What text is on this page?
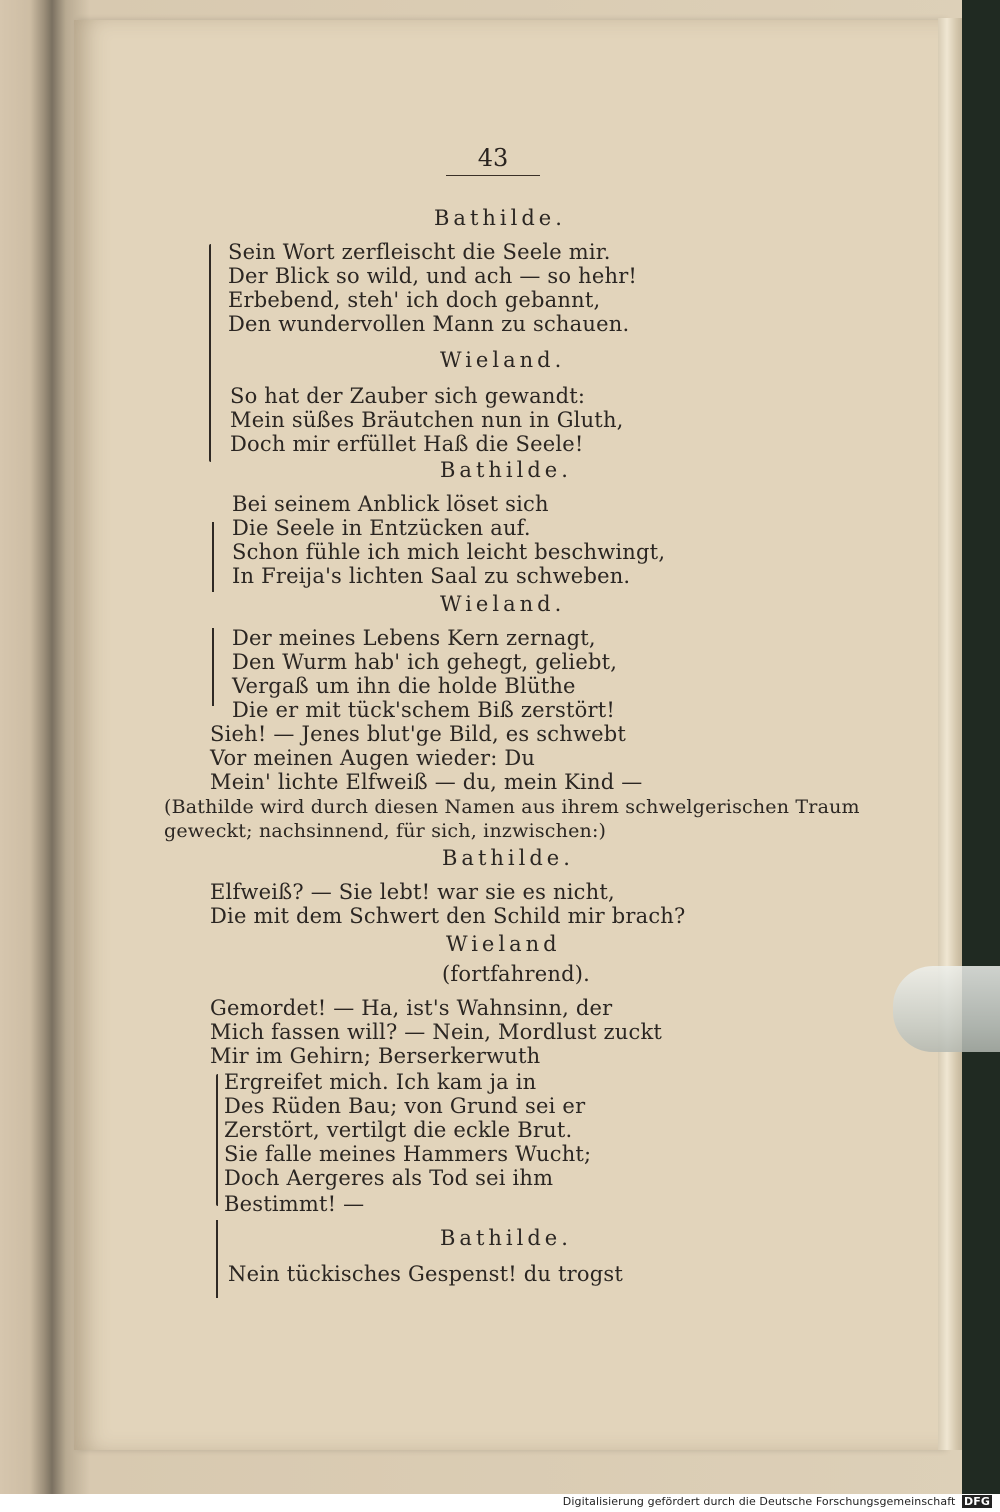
43
Bathilde.
Wieland.
Bathilde.
Wieland.
Bathilde.
Wieland
(fortfahrend).
Bathilde.
Sein Wort zerfleischt die Seele mir.
Der Blick so wild, und ach — so hehr!
Erbebend, steh' ich doch gebannt,
Den wundervollen Mann zu schauen.
So hat der Zauber sich gewandt:
Mein süßes Bräutchen nun in Gluth,
Doch mir erfüllet Haß die Seele!
Bei seinem Anblick löset sich
Die Seele in Entzücken auf.
Schon fühle ich mich leicht beschwingt,
In Freija's lichten Saal zu schweben.
Der meines Lebens Kern zernagt,
Den Wurm hab' ich gehegt, geliebt,
Vergaß um ihn die holde Blüthe
Die er mit tück'schem Biß zerstört!
Sieh! — Jenes blut'ge Bild, es schwebt
Vor meinen Augen wieder: Du
Mein' lichte Elfweiß — du, mein Kind —
(Bathilde wird durch diesen Namen aus ihrem schwelgerischen Traum
geweckt; nachsinnend, für sich, inzwischen:)
Elfweiß? — Sie lebt! war sie es nicht,
Die mit dem Schwert den Schild mir brach?
Gemordet! — Ha, ist's Wahnsinn, der
Mich fassen will? — Nein, Mordlust zuckt
Mir im Gehirn; Berserkerwuth
Ergreifet mich. Ich kam ja in
Des Rüden Bau; von Grund sei er
Zerstört, vertilgt die eckle Brut.
Sie falle meines Hammers Wucht;
Doch Aergeres als Tod sei ihm
Bestimmt! —
Nein tückisches Gespenst! du trogst
Digitalisierung gefördert durch die Deutsche Forschungsgemeinschaft DFG
